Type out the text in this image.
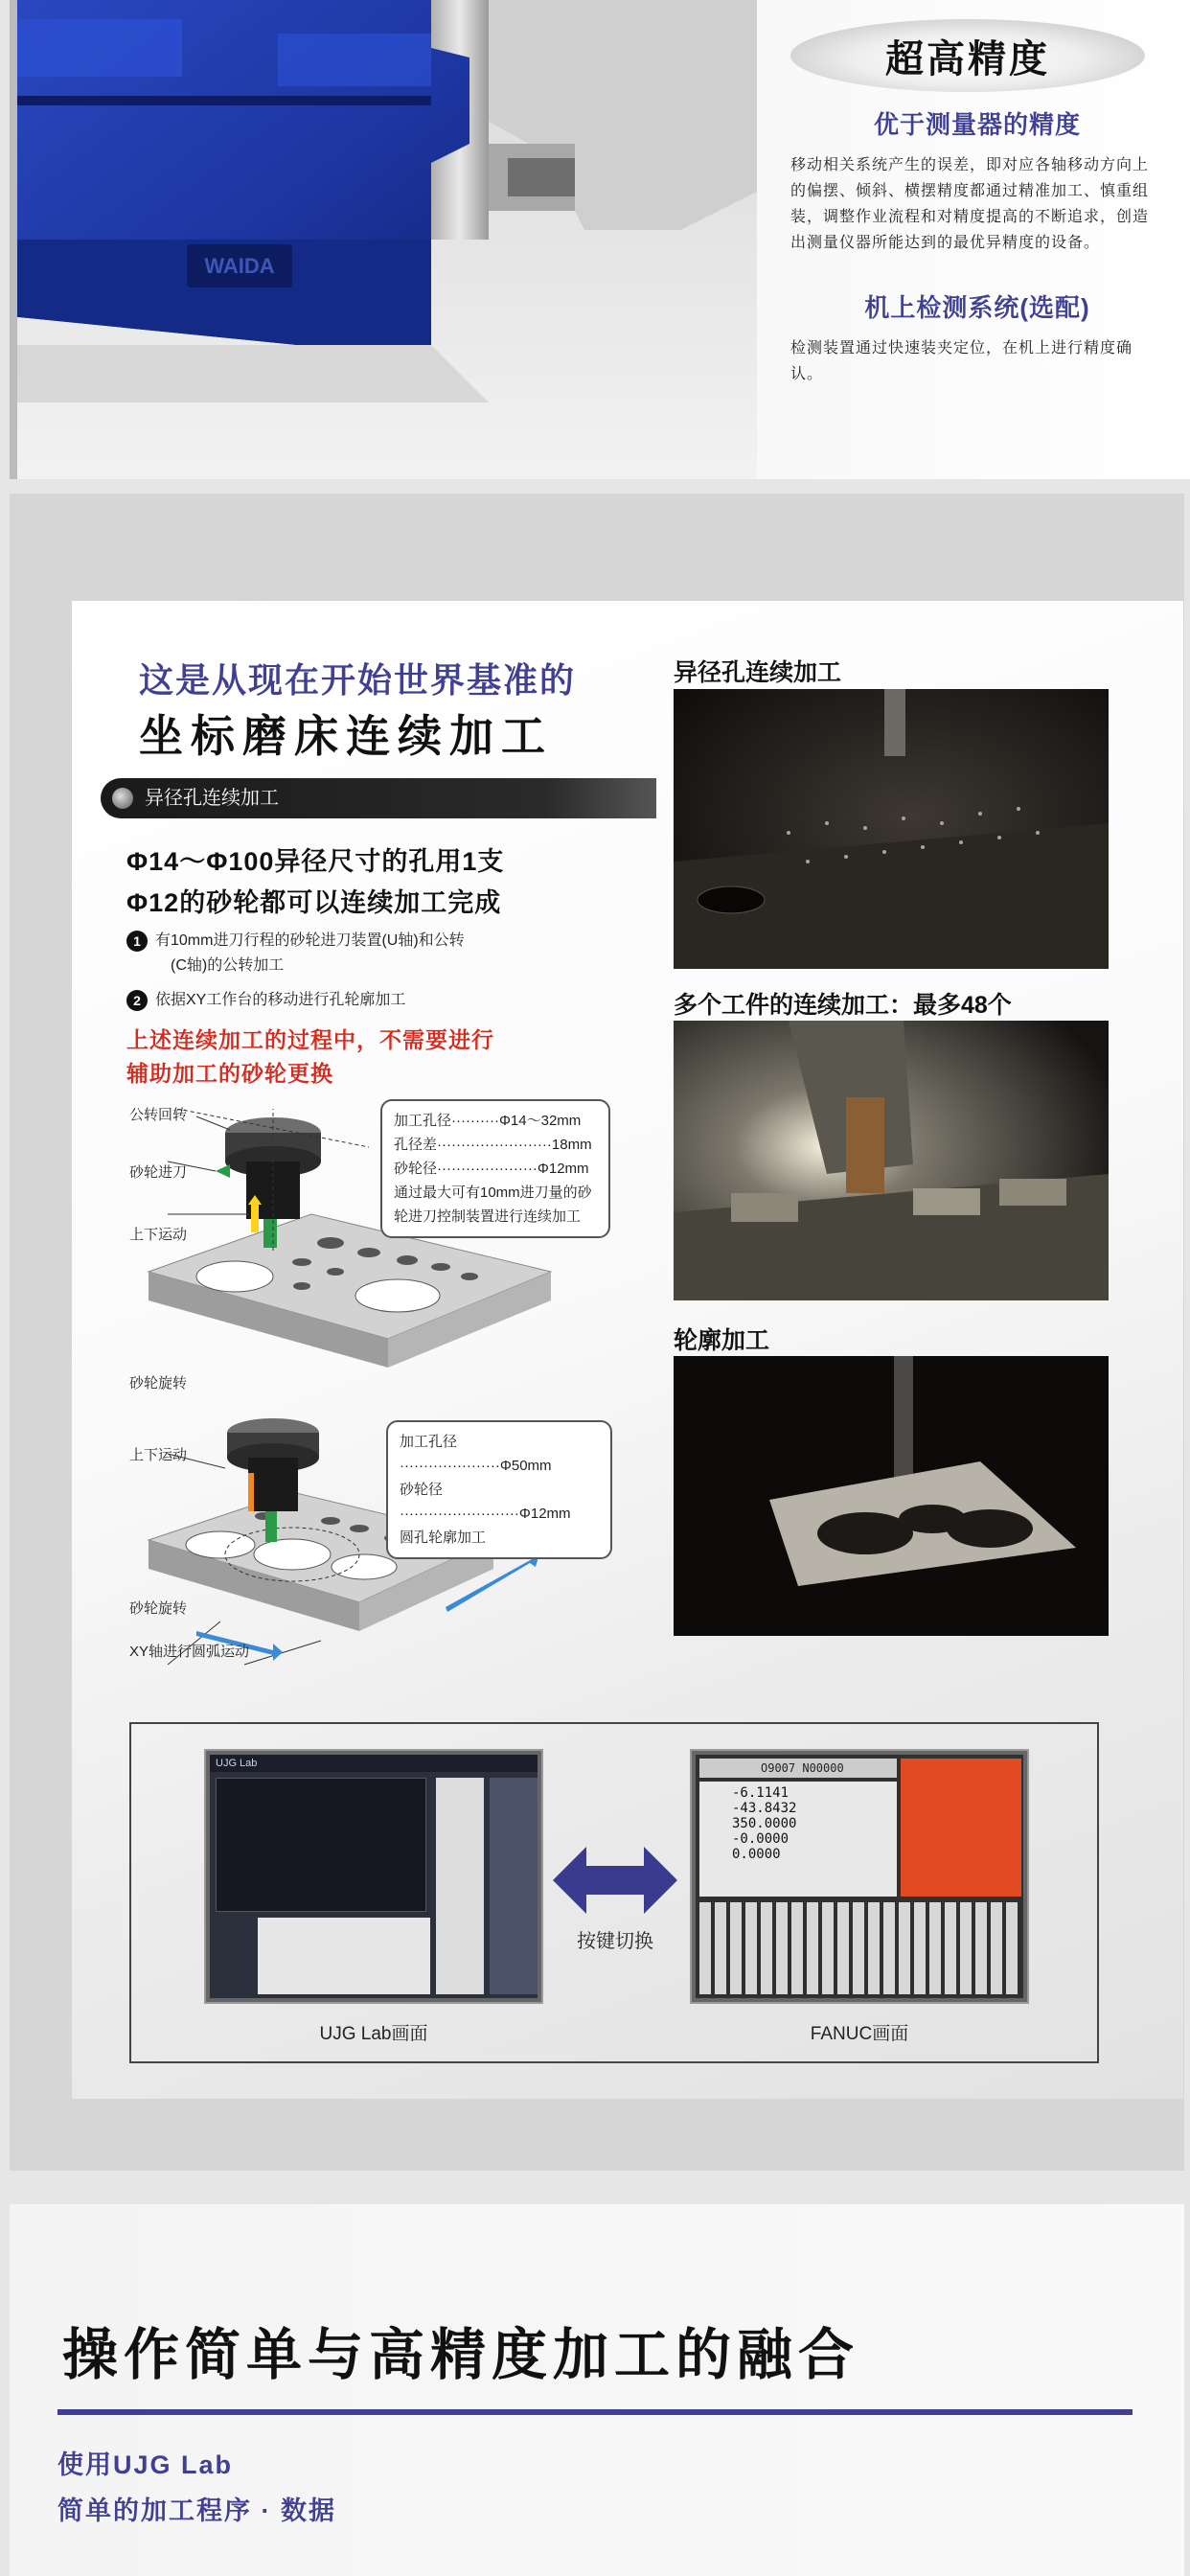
WAIDA
超高精度
优于测量器的精度

移动相关系统产生的误差，即对应各轴移动方向上的偏摆、倾斜、横摆精度都通过精准加工、慎重组装，调整作业流程和对精度提高的不断追求，创造出测量仪器所能达到的最优异精度的设备。

机上检测系统(选配)

检测装置通过快速装夹定位，在机上进行精度确认。

这是从现在开始世界基准的
坐标磨床连续加工
异径孔连续加工
Φ14～Φ100异径尺寸的孔用1支
Φ12的砂轮都可以连续加工完成
1 有10mm进刀行程的砂轮进刀装置(U轴)和公转
(C轴)的公转加工
2 依据XY工作台的移动进行孔轮廓加工
上述连续加工的过程中，不需要进行
辅助加工的砂轮更换
公转回转
砂轮进刀
上下运动
砂轮旋转
加工孔径··········Φ14～32mm
孔径差························18mm
砂轮径·····················Φ12mm
通过最大可有10mm进刀量的砂
轮进刀控制装置进行连续加工
上下运动
砂轮旋转
XY轴进行圆弧运动
加工孔径·····················Φ50mm
砂轮径·························Φ12mm
圆孔轮廓加工
异径孔连续加工
多个工件的连续加工：最多48个
轮廓加工
UJG Lab
UJG Lab画面
按键切换
O9007 N00000
-6.1141
-43.8432
350.0000
-0.0000
0.0000
FANUC画面
操作简单与高精度加工的融合
使用UJG Lab
简单的加工程序 · 数据
